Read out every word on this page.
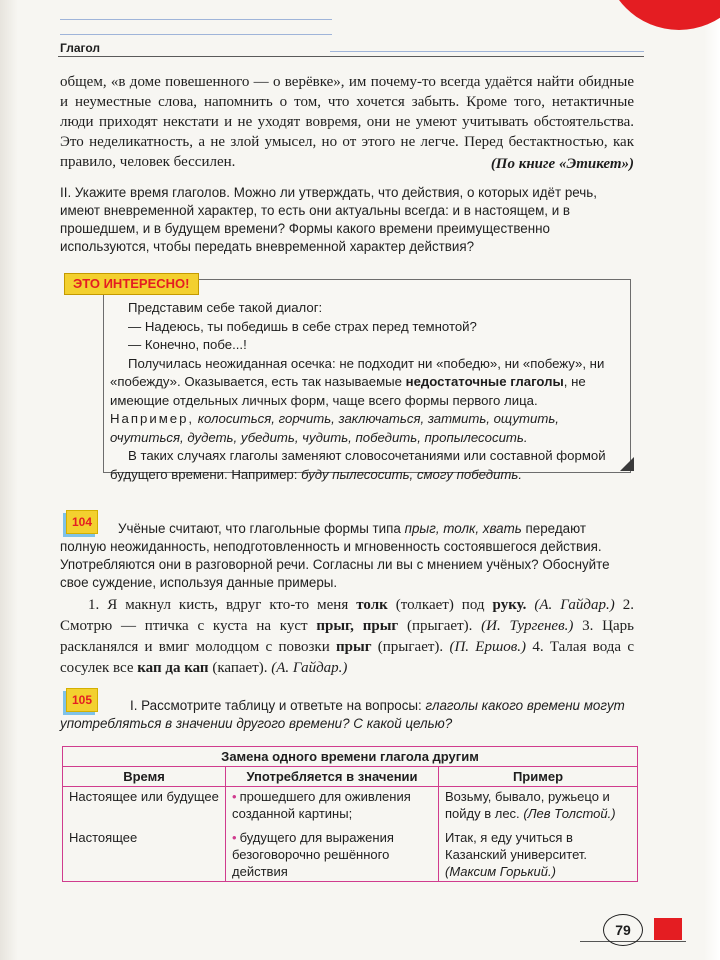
Глагол

общем, «в доме повешенного — о верёвке», им почему-то всегда удаётся найти обидные и неуместные слова, напомнить о том, что хочется забыть. Кроме того, нетактичные люди приходят некстати и не уходят вовремя, они не умеют учитывать обстоятельства. Это неделикатность, а не злой умысел, но от этого не легче. Перед бестактностью, как правило, человек бессилен.	(По книге «Этикет»)

II. Укажите время глаголов. Можно ли утверждать, что действия, о которых идёт речь, имеют вневременной характер, то есть они актуальны всегда: и в настоящем, и в прошедшем, и в будущем времени? Формы какого времени преимущественно используются, чтобы передать вневременной характер действия?

ЭТО ИНТЕРЕСНО!

Представим себе такой диалог:

— Надеюсь, ты победишь в себе страх перед темнотой?

— Конечно, побе...!

Получилась неожиданная осечка: не подходит ни «победю», ни «побежу», ни «побежду». Оказывается, есть так называемые недостаточные глаголы, не имеющие отдельных личных форм, чаще всего формы первого лица. Например, колоситься, горчить, заключаться, затмить, ощутить, очутиться, дудеть, убедить, чудить, победить, пропылесосить.

В таких случаях глаголы заменяют словосочетаниями или составной формой будущего времени. Например: буду пылесосить, смогу победить.

104	Учёные считают, что глагольные формы типа прыг, толк, хвать передают полную неожиданность, неподготовленность и мгновенность состоявшегося действия. Употребляются они в разговорной речи. Согласны ли вы с мнением учёных? Обоснуйте свое суждение, используя данные примеры.

1. Я макнул кисть, вдруг кто-то меня толк (толкает) под руку. (А. Гайдар.) 2. Смотрю — птичка с куста на куст прыг, прыг (прыгает). (И. Тургенев.) 3. Царь раскланялся и вмиг молодцом с повозки прыг (прыгает). (П. Ершов.) 4. Талая вода с сосулек все кап да кап (капает). (А. Гайдар.)

105	I. Рассмотрите таблицу и ответьте на вопросы: глаголы какого времени могут употребляться в значении другого времени? С какой целью?

Замена одного времени глагола другим		
Время	Употребляется в значении	Пример
Настоящее или будущее	• прошедшего для оживления созданной картины;	Возьму, бывало, ружьецо и пойду в лес. (Лев Толстой.)
Настоящее	• будущего для выражения безоговорочно решённого действия	Итак, я еду учиться в Казанский университет. (Максим Горький.)
79
